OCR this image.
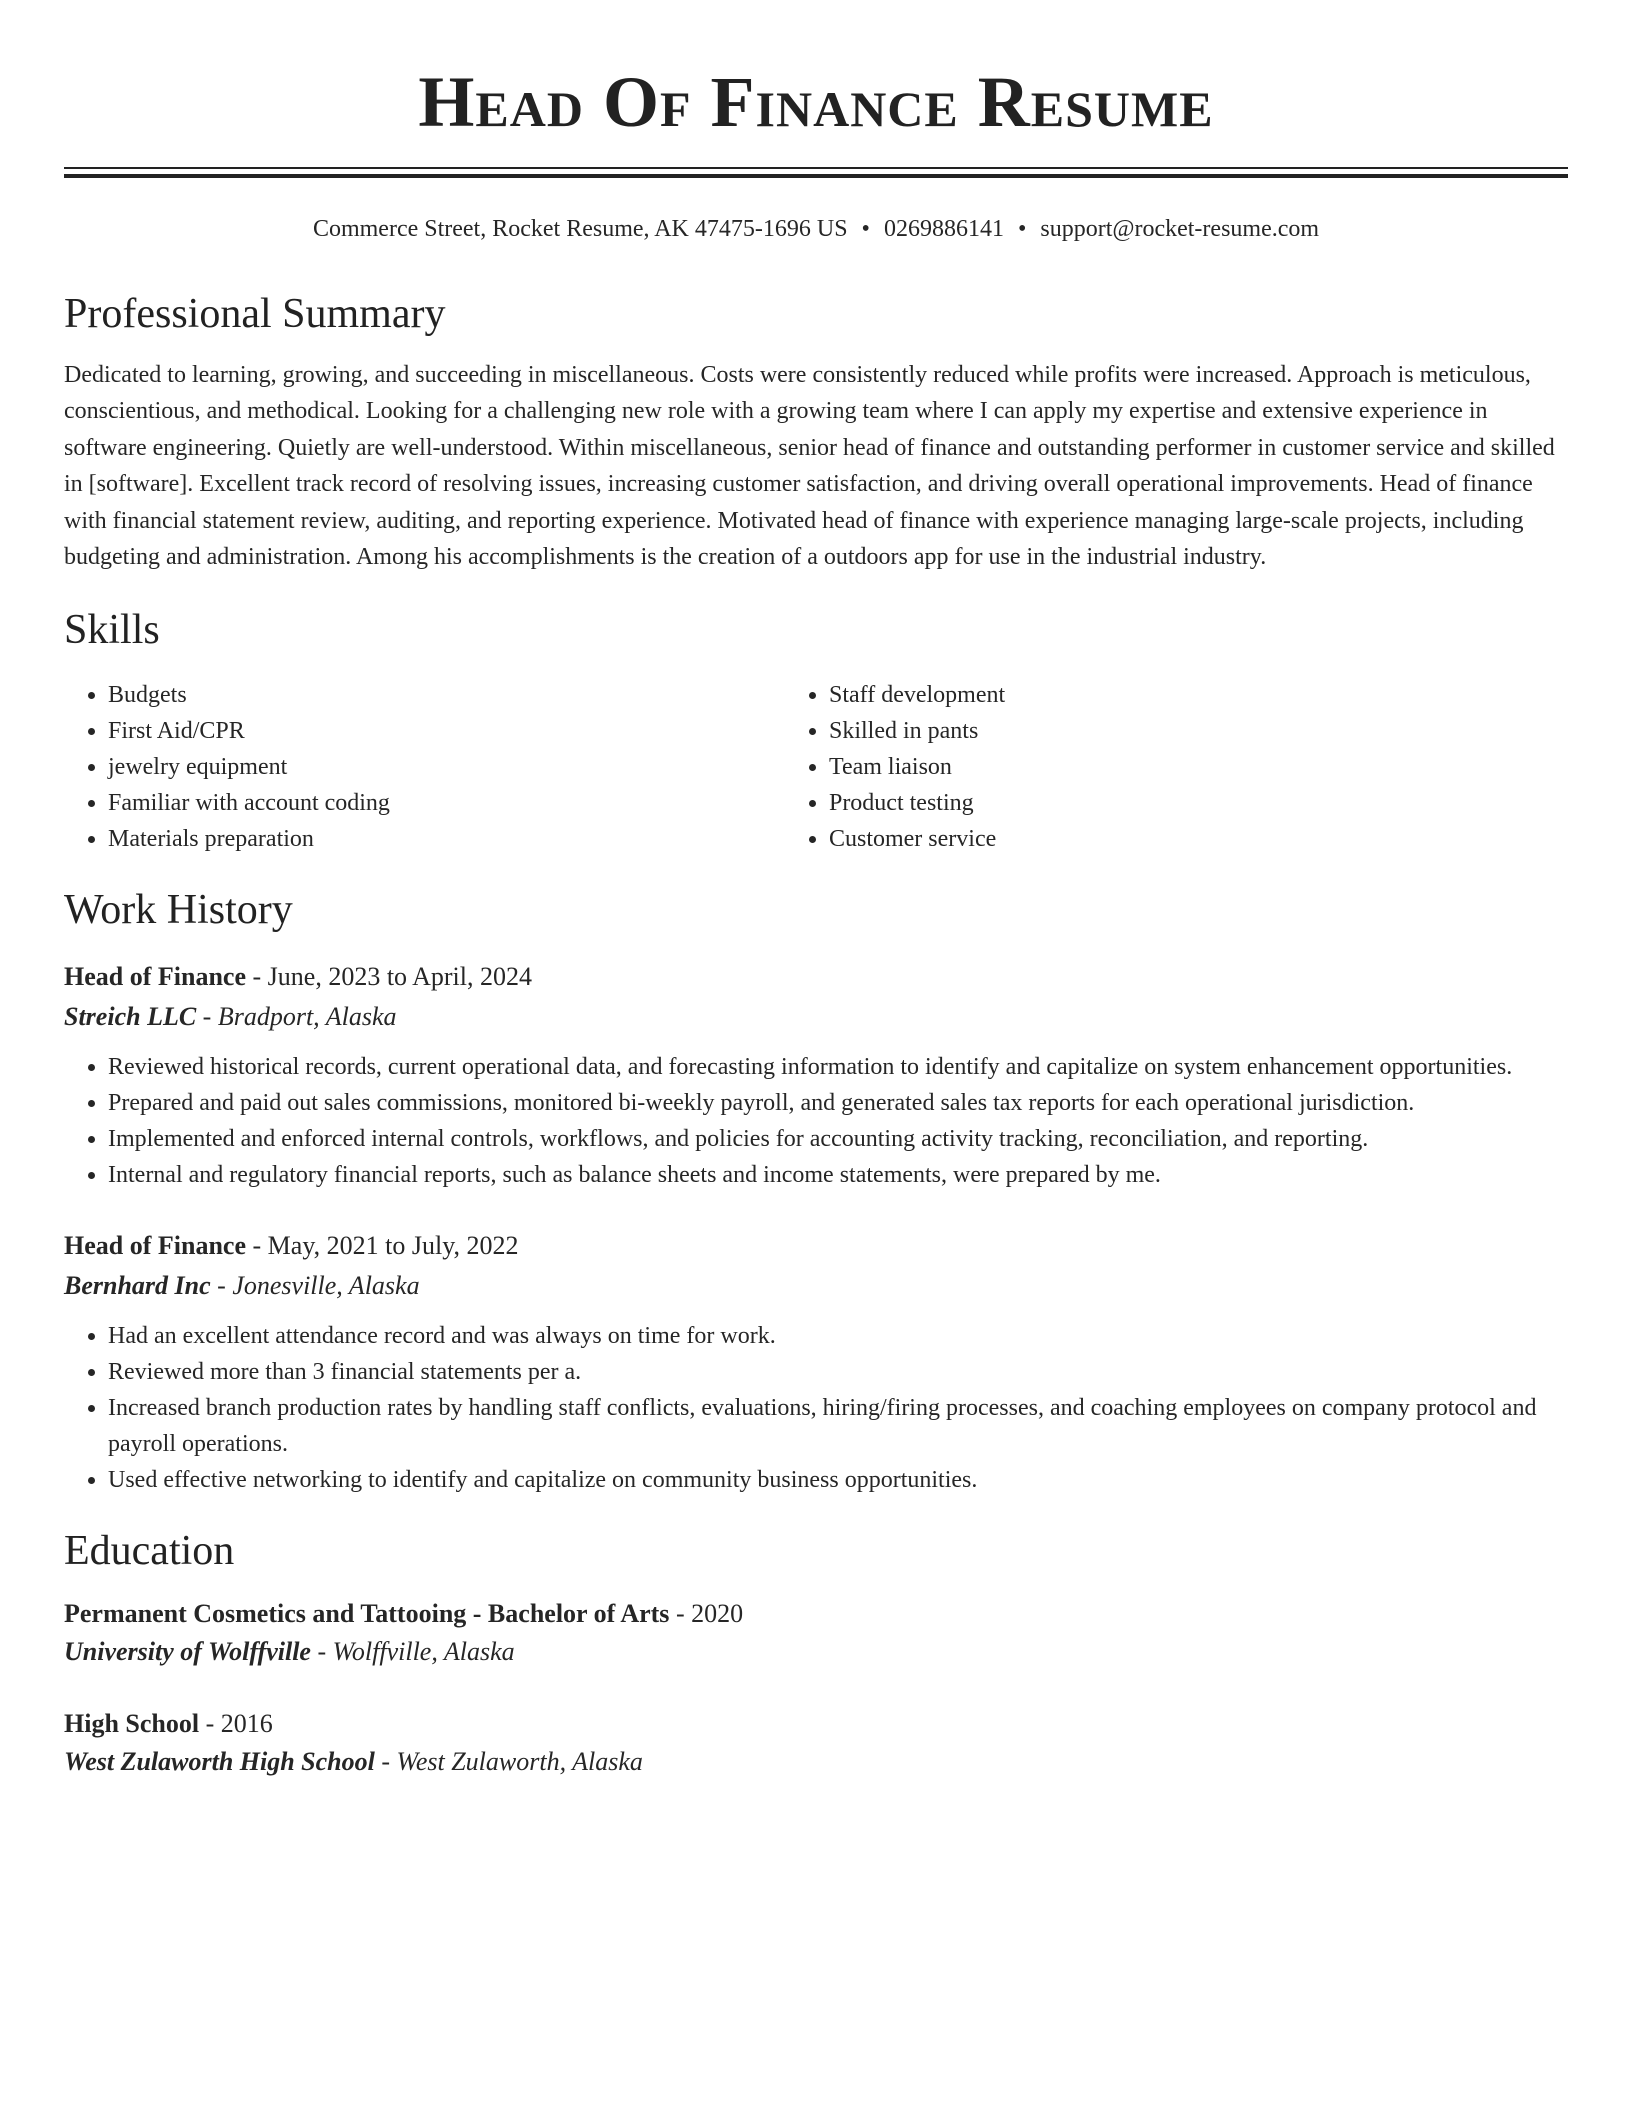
Head Of Finance Resume
Commerce Street, Rocket Resume, AK 47475-1696 US • 0269886141 • support@rocket-resume.com
Professional Summary

Dedicated to learning, growing, and succeeding in miscellaneous. Costs were consistently reduced while profits were increased. Approach is meticulous, conscientious, and methodical. Looking for a challenging new role with a growing team where I can apply my expertise and extensive experience in software engineering. Quietly are well-understood. Within miscellaneous, senior head of finance and outstanding performer in customer service and skilled in [software]. Excellent track record of resolving issues, increasing customer satisfaction, and driving overall operational improvements. Head of finance with financial statement review, auditing, and reporting experience. Motivated head of finance with experience managing large-scale projects, including budgeting and administration. Among his accomplishments is the creation of a outdoors app for use in the industrial industry.

Skills
• Budgets
• First Aid/CPR
• jewelry equipment
• Familiar with account coding
• Materials preparation
• Staff development
• Skilled in pants
• Team liaison
• Product testing
• Customer service
Work History
Head of Finance - June, 2023 to April, 2024
Streich LLC - Bradport, Alaska
• Reviewed historical records, current operational data, and forecasting information to identify and capitalize on system enhancement opportunities.
• Prepared and paid out sales commissions, monitored bi-weekly payroll, and generated sales tax reports for each operational jurisdiction.
• Implemented and enforced internal controls, workflows, and policies for accounting activity tracking, reconciliation, and reporting.
• Internal and regulatory financial reports, such as balance sheets and income statements, were prepared by me.
Head of Finance - May, 2021 to July, 2022
Bernhard Inc - Jonesville, Alaska
• Had an excellent attendance record and was always on time for work.
• Reviewed more than 3 financial statements per a.
• Increased branch production rates by handling staff conflicts, evaluations, hiring/firing processes, and coaching employees on company protocol and payroll operations.
• Used effective networking to identify and capitalize on community business opportunities.
Education
Permanent Cosmetics and Tattooing - Bachelor of Arts - 2020
University of Wolffville - Wolffville, Alaska
High School - 2016
West Zulaworth High School - West Zulaworth, Alaska
